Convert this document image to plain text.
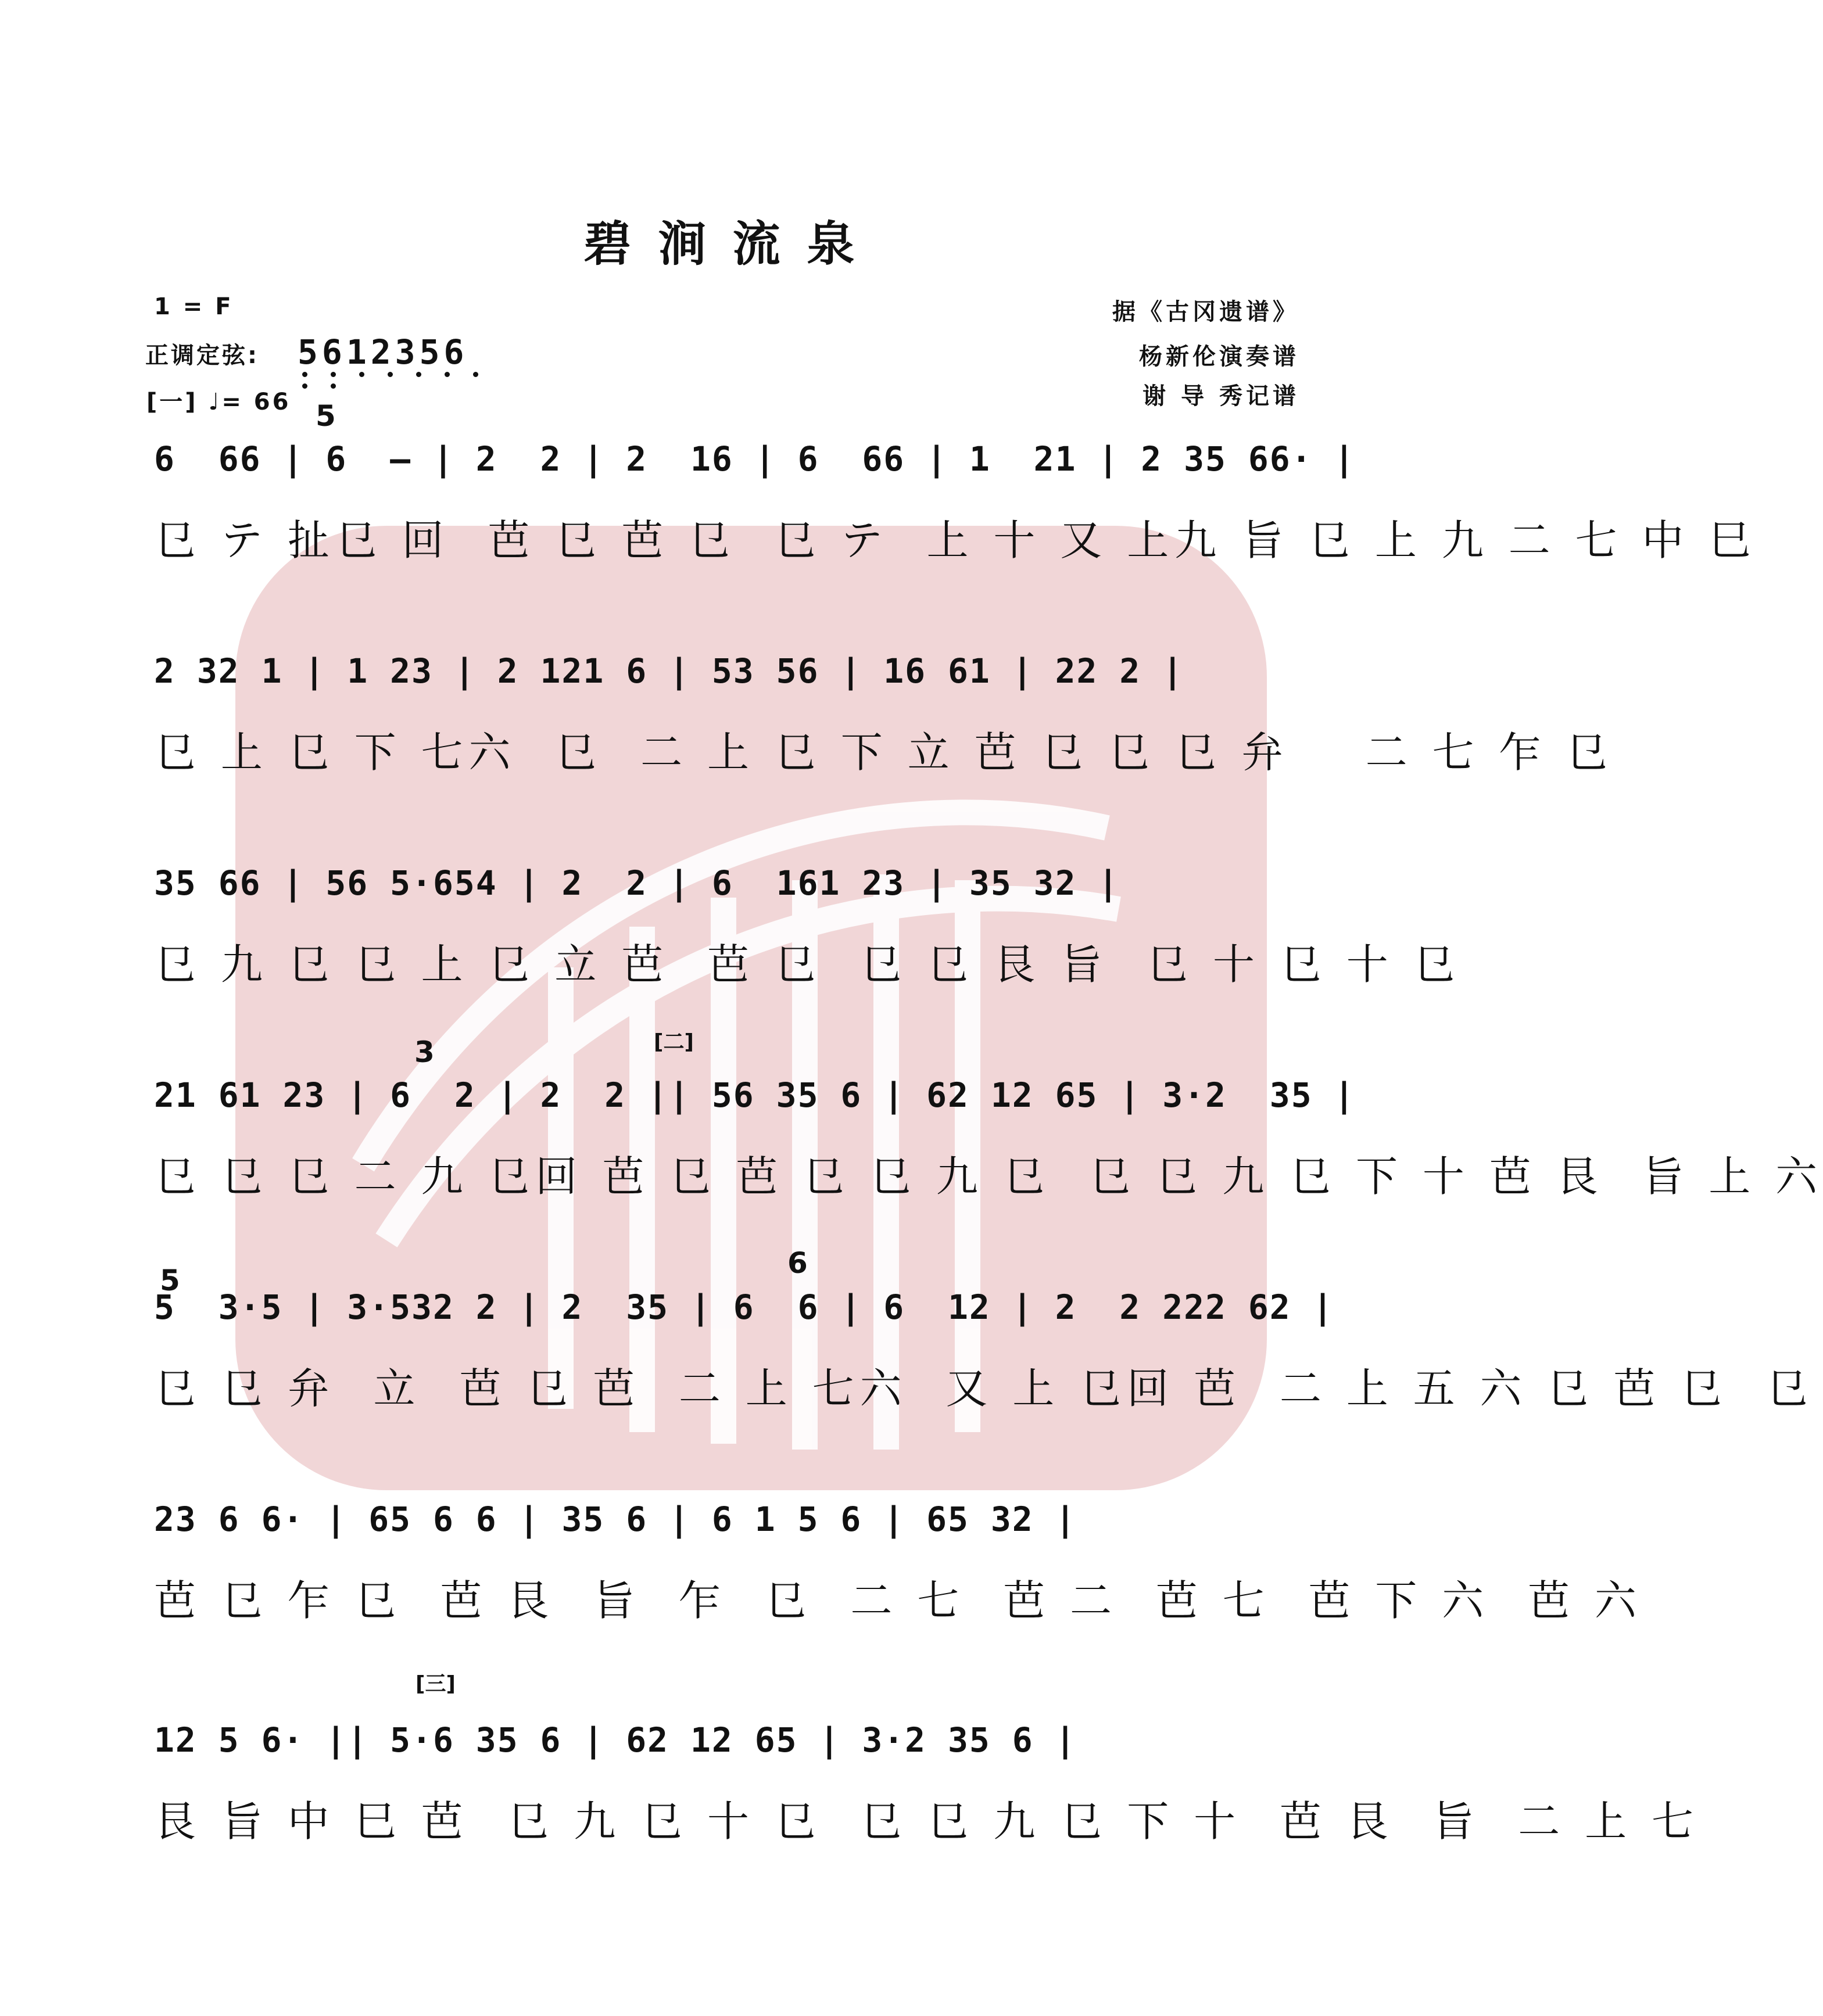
碧涧流泉
1 = F
正调定弦: 5612356
[一] ♩= 66
据《古冈遗谱》
杨新伦演奏谱
谢 导 秀记谱
5
6  66 | 6  – | 2  2 | 2  16 | 6  66 | 1  21 | 2 35 66· |
㔾 テ 扯㔾 回  芭 㔾 芭 㔾  㔾 テ  上 十 又 上九 旨 㔾 上 九 二 七 中 巳
2 32 1 | 1 23 | 2 121 6 | 53 56 | 16 61 | 22 2 |
㔾 上 㔾 下 七六  㔾  二 上 㔾 下 立 芭 㔾 㔾 㔾 弁    二 七 乍 㔾
35 66 | 56 5·654 | 2  2 | 6  161 23 | 35 32 |
㔾 九 㔾 㔾 上 㔾 立 芭  芭 㔾  㔾 㔾 艮 旨  㔾 十 㔾 十 㔾
[二]
3
21 61 23 | 6  2 | 2  2 || 56 35 6 | 62 12 65 | 3·2  35 |
㔾 㔾 㔾 二 九 㔾回 芭 㔾 芭 㔾 㔾 九 㔾  㔾 㔾 九 㔾 下 十 芭 艮  旨 上 六
6
5
5  3·5 | 3·532 2 | 2  35 | 6  6 | 6  12 | 2  2 222 62 |
㔾 㔾 弁  立  芭 㔾 芭  二 上 七六  又 上 㔾回 芭  二 上 五 六 㔾 芭 㔾  㔾
23 6 6· | 65 6 6 | 35 6 | 6 1 5 6 | 65 32 |
芭 㔾 乍 㔾  芭 艮  旨  乍  㔾  二 七  芭 二  芭 七  芭 下 六  芭 六
[三]
12 5 6· || 5·6 35 6 | 62 12 65 | 3·2 35 6 |
艮 旨 中 巳 芭  㔾 九 㔾 十 㔾  㔾 㔾 九 㔾 下 十  芭 艮  旨  二 上 七
